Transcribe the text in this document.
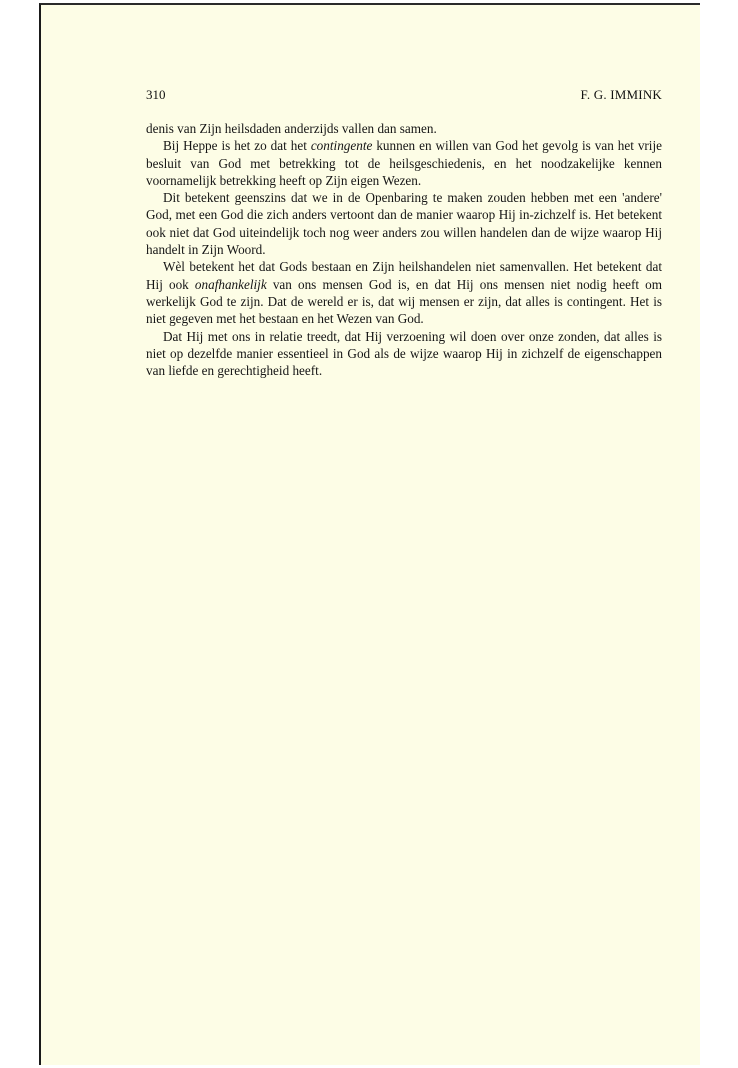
310	F. G. IMMINK

denis van Zijn heilsdaden anderzijds vallen dan samen.

Bij Heppe is het zo dat het contingente kunnen en willen van God het gevolg is van het vrije besluit van God met betrekking tot de heilsgeschiedenis, en het noodzakelijke kennen voornamelijk betrekking heeft op Zijn eigen Wezen.

Dit betekent geenszins dat we in de Openbaring te maken zouden hebben met een 'andere' God, met een God die zich anders vertoont dan de manier waarop Hij in-zichzelf is. Het betekent ook niet dat God uiteindelijk toch nog weer anders zou willen handelen dan de wijze waarop Hij handelt in Zijn Woord.

Wèl betekent het dat Gods bestaan en Zijn heilshandelen niet samenvallen. Het betekent dat Hij ook onafhankelijk van ons mensen God is, en dat Hij ons mensen niet nodig heeft om werkelijk God te zijn. Dat de wereld er is, dat wij mensen er zijn, dat alles is contingent. Het is niet gegeven met het bestaan en het Wezen van God.

Dat Hij met ons in relatie treedt, dat Hij verzoening wil doen over onze zonden, dat alles is niet op dezelfde manier essentieel in God als de wijze waarop Hij in zichzelf de eigenschappen van liefde en gerechtigheid heeft.
